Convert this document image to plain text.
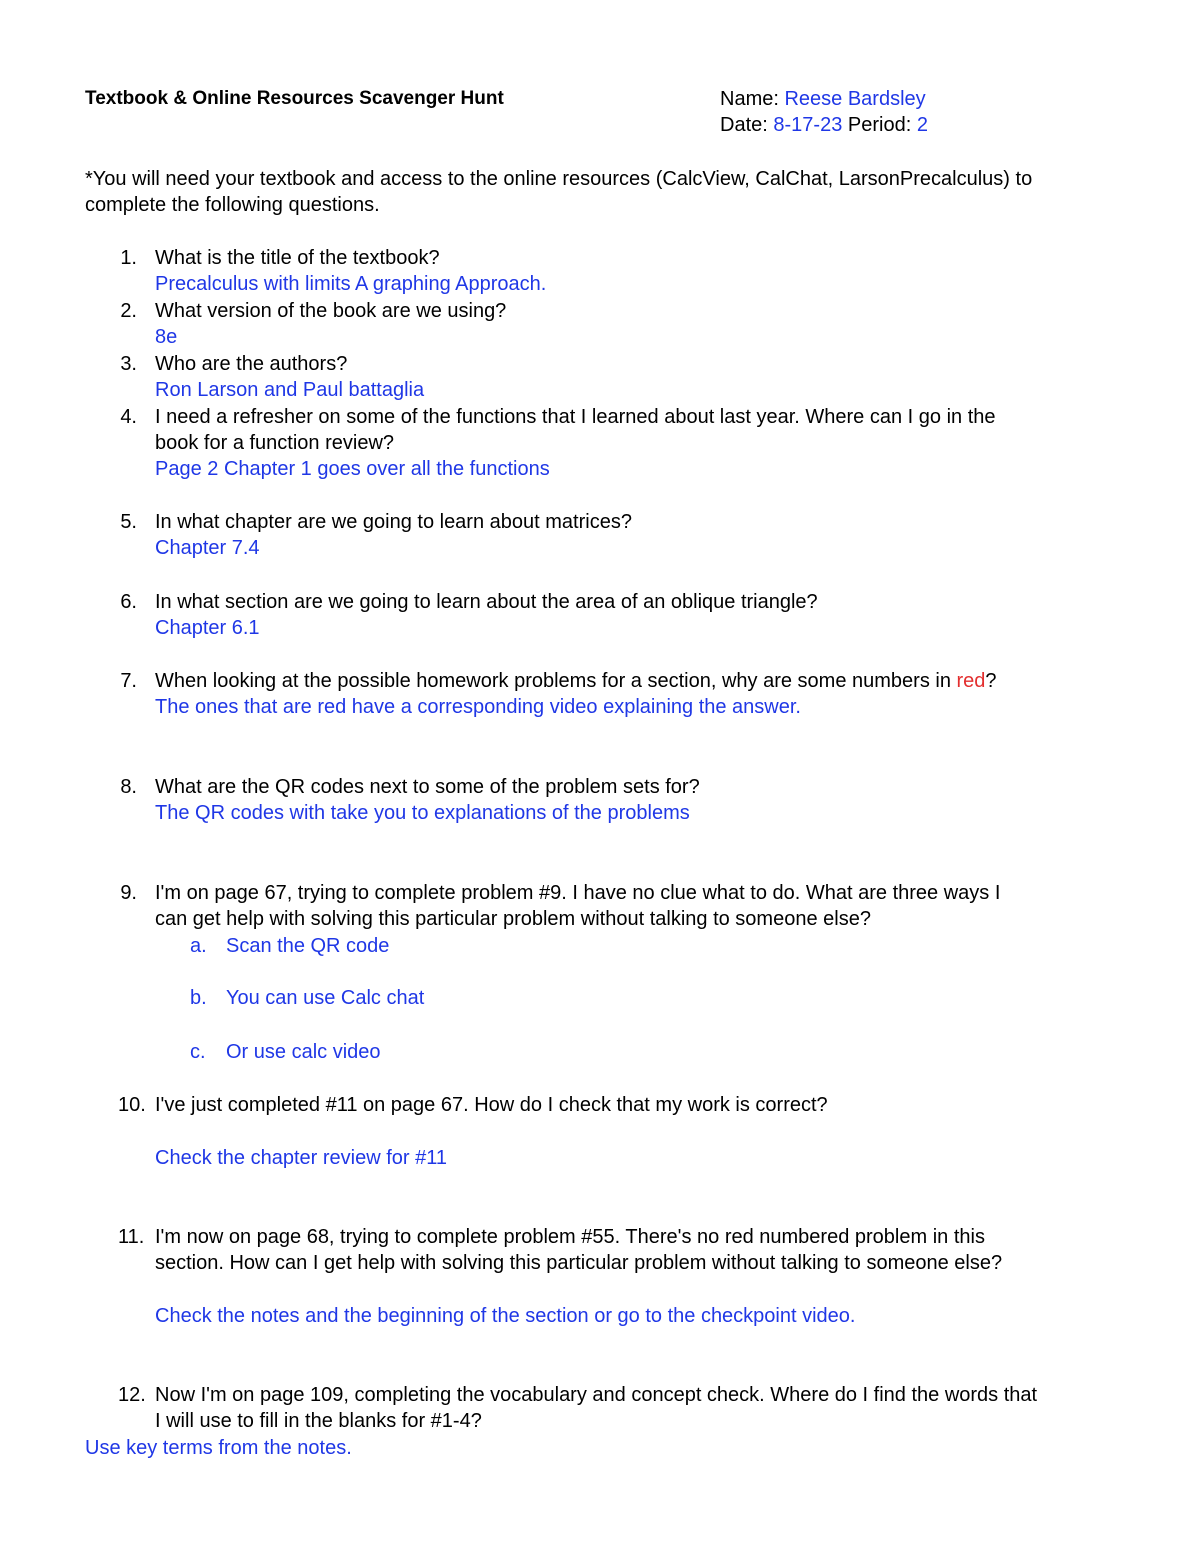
Textbook & Online Resources Scavenger Hunt	Name: Reese Bardsley
Date: 8-17-23 Period: 2
*You will need your textbook and access to the online resources (CalcView, CalChat, LarsonPrecalculus) to
complete the following questions.
1. What is the title of the textbook?
Precalculus with limits A graphing Approach.
2. What version of the book are we using?
8e
3. Who are the authors?
Ron Larson and Paul battaglia
4. I need a refresher on some of the functions that I learned about last year. Where can I go in the
book for a function review?
Page 2 Chapter 1 goes over all the functions
5. In what chapter are we going to learn about matrices?
Chapter 7.4
6. In what section are we going to learn about the area of an oblique triangle?
Chapter 6.1
7. When looking at the possible homework problems for a section, why are some numbers in red?
The ones that are red have a corresponding video explaining the answer.
8. What are the QR codes next to some of the problem sets for?
The QR codes with take you to explanations of the problems
9. I'm on page 67, trying to complete problem #9. I have no clue what to do. What are three ways I
can get help with solving this particular problem without talking to someone else?
a. Scan the QR code
b. You can use Calc chat
c. Or use calc video
10. I've just completed #11 on page 67. How do I check that my work is correct?
Check the chapter review for #11
11. I'm now on page 68, trying to complete problem #55. There's no red numbered problem in this
section. How can I get help with solving this particular problem without talking to someone else?
Check the notes and the beginning of the section or go to the checkpoint video.
12. Now I'm on page 109, completing the vocabulary and concept check. Where do I find the words that
I will use to fill in the blanks for #1-4?
Use key terms from the notes.
